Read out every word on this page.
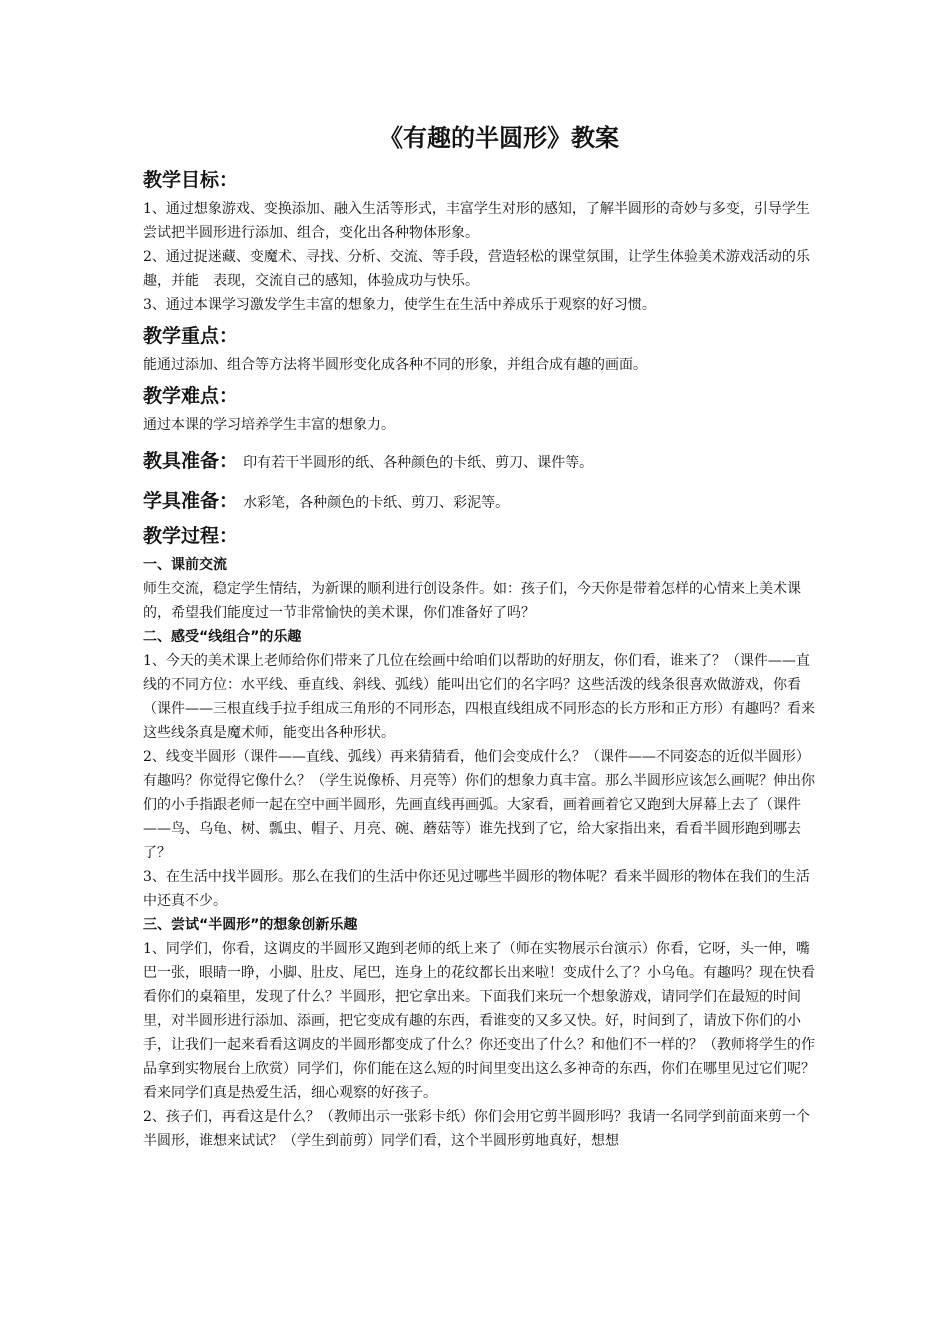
《有趣的半圆形》教案
教学目标：

1、通过想象游戏、变换添加、融入生活等形式，丰富学生对形的感知，了解半圆形的奇妙与多变，引导学生尝试把半圆形进行添加、组合，变化出各种物体形象。

2、通过捉迷藏、变魔术、寻找、分析、交流、等手段，营造轻松的课堂氛围，让学生体验美术游戏活动的乐趣，并能　表现，交流自己的感知，体验成功与快乐。

3、通过本课学习激发学生丰富的想象力，使学生在生活中养成乐于观察的好习惯。

教学重点：

能通过添加、组合等方法将半圆形变化成各种不同的形象，并组合成有趣的画面。

教学难点：

通过本课的学习培养学生丰富的想象力。

教具准备： 印有若干半圆形的纸、各种颜色的卡纸、剪刀、课件等。
学具准备： 水彩笔，各种颜色的卡纸、剪刀、彩泥等。
教学过程：
一、课前交流

师生交流，稳定学生情结，为新课的顺利进行创设条件。如：孩子们，今天你是带着怎样的心情来上美术课的，希望我们能度过一节非常愉快的美术课，你们准备好了吗？

二、感受“线组合”的乐趣

1、今天的美术课上老师给你们带来了几位在绘画中给咱们以帮助的好朋友，你们看，谁来了？（课件——直线的不同方位：水平线、垂直线、斜线、弧线）能叫出它们的名字吗？这些活泼的线条很喜欢做游戏，你看（课件——三根直线手拉手组成三角形的不同形态，四根直线组成不同形态的长方形和正方形）有趣吗？看来这些线条真是魔术师，能变出各种形状。

2、线变半圆形（课件——直线、弧线）再来猜猜看，他们会变成什么？（课件——不同姿态的近似半圆形）有趣吗？你觉得它像什么？（学生说像桥、月亮等）你们的想象力真丰富。那么半圆形应该怎么画呢？伸出你们的小手指跟老师一起在空中画半圆形，先画直线再画弧。大家看，画着画着它又跑到大屏幕上去了（课件——鸟、乌龟、树、瓢虫、帽子、月亮、碗、蘑菇等）谁先找到了它，给大家指出来，看看半圆形跑到哪去了？

3、在生活中找半圆形。那么在我们的生活中你还见过哪些半圆形的物体呢？看来半圆形的物体在我们的生活中还真不少。

三、尝试“半圆形”的想象创新乐趣

1、同学们，你看，这调皮的半圆形又跑到老师的纸上来了（师在实物展示台演示）你看，它呀，头一伸，嘴巴一张，眼睛一睁，小脚、肚皮、尾巴，连身上的花纹都长出来啦！变成什么了？小乌龟。有趣吗？现在快看看你们的桌箱里，发现了什么？半圆形，把它拿出来。下面我们来玩一个想象游戏，请同学们在最短的时间里，对半圆形进行添加、添画，把它变成有趣的东西，看谁变的又多又快。好，时间到了，请放下你们的小手，让我们一起来看看这调皮的半圆形都变成了什么？你还变出了什么？和他们不一样的？（教师将学生的作品拿到实物展台上欣赏）同学们，你们能在这么短的时间里变出这么多神奇的东西，你们在哪里见过它们呢？看来同学们真是热爱生活，细心观察的好孩子。

2、孩子们，再看这是什么？（教师出示一张彩卡纸）你们会用它剪半圆形吗？我请一名同学到前面来剪一个半圆形，谁想来试试？（学生到前剪）同学们看，这个半圆形剪地真好，想想
